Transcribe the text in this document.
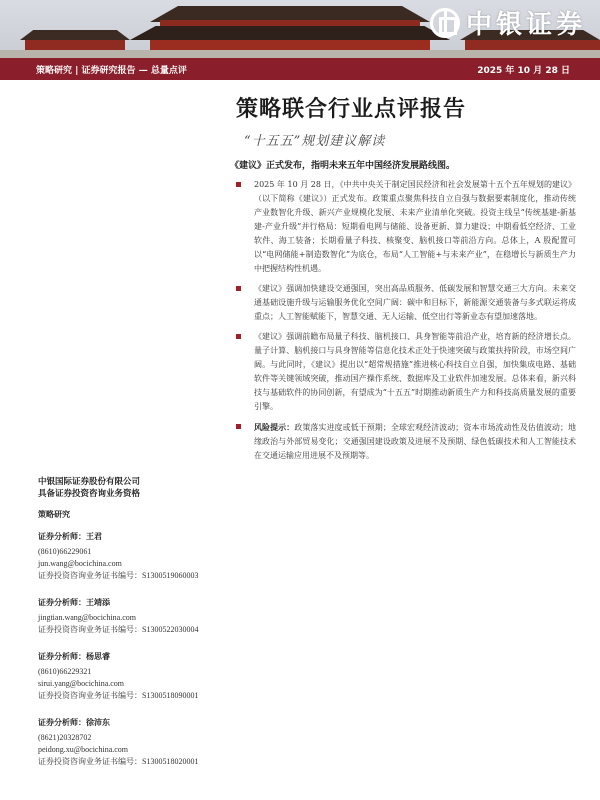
中银证券
策略研究 | 证券研究报告 — 总量点评	2025 年 10 月 28 日
策略联合行业点评报告
“十五五”规划建议解读
《建议》正式发布，指明未来五年中国经济发展路线图。
2025 年 10 月 28 日，《中共中央关于制定国民经济和社会发展第十五个五年规划的建议》（以下简称《建议》）正式发布。政策重点聚焦科技自立自强与数据要素制度化，推动传统产业数智化升级、新兴产业规模化发展、未来产业清单化突破。投资主线呈“传统基建-新基建-产业升级”并行格局：短期看电网与储能、设备更新、算力建设；中期看低空经济、工业软件、海工装备；长期看量子科技、核聚变、脑机接口等前沿方向。总体上，A 股配置可以“电网储能+制造数智化”为底仓，布局“人工智能+与未来产业”，在稳增长与新质生产力中把握结构性机遇。
《建议》强调加快建设交通强国，突出高品质服务、低碳发展和智慧交通三大方向。未来交通基础设施升级与运输服务优化空间广阔：碳中和目标下，新能源交通装备与多式联运将成重点；人工智能赋能下，智慧交通、无人运输、低空出行等新业态有望加速落地。
《建议》强调前瞻布局量子科技、脑机接口、具身智能等前沿产业，培育新的经济增长点。量子计算、脑机接口与具身智能等信息化技术正处于快速突破与政策扶持阶段，市场空间广阔。与此同时，《建议》提出以“超常规措施”推进核心科技自立自强，加快集成电路、基础软件等关键领域突破，推动国产操作系统、数据库及工业软件加速发展。总体来看，新兴科技与基础软件的协同创新，有望成为“十五五”时期推动新质生产力和科技高质量发展的重要引擎。
风险提示：政策落实进度或低于预期；全球宏观经济波动；资本市场流动性及估值波动；地缘政治与外部贸易变化；交通强国建设政策及进展不及预期、绿色低碳技术和人工智能技术在交通运输应用进展不及预期等。
中银国际证券股份有限公司
具备证券投资咨询业务资格
策略研究
证券分析师：王君
(8610)66229061
jun.wang@bocichina.com
证券投资咨询业务证书编号：S1300519060003
证券分析师：王靖添
jingtian.wang@bocichina.com
证券投资咨询业务证书编号：S1300522030004
证券分析师：杨思睿
(8610)66229321
sirui.yang@bocichina.com
证券投资咨询业务证书编号：S1300518090001
证券分析师：徐沛东
(8621)20328702
peidong.xu@bocichina.com
证券投资咨询业务证书编号：S1300518020001
